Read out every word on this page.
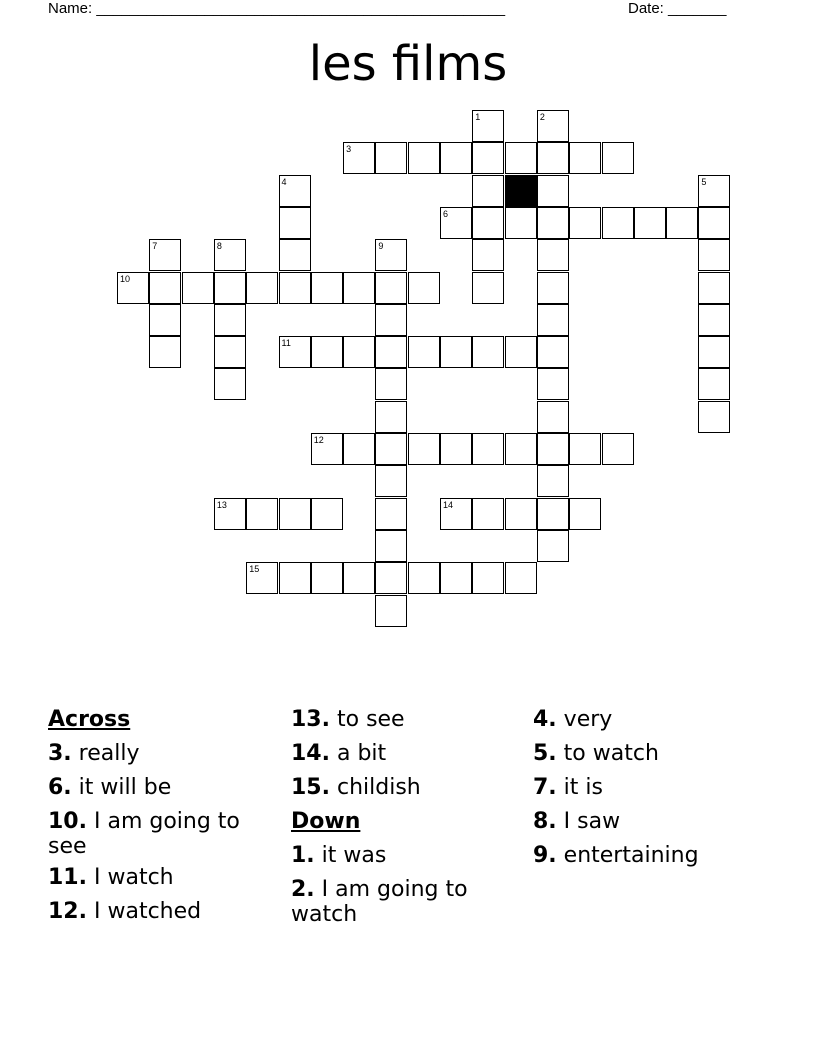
Name: _________________________________________________	Date: _______
les films
1	2
3
4	5
6
7	8	9
10
11
12
13	14
15
Across
3. really
6. it will be
10. I am going to
see
11. I watch
12. I watched
13. to see
14. a bit
15. childish
Down
1. it was
2. I am going to
watch
4. very
5. to watch
7. it is
8. I saw
9. entertaining
